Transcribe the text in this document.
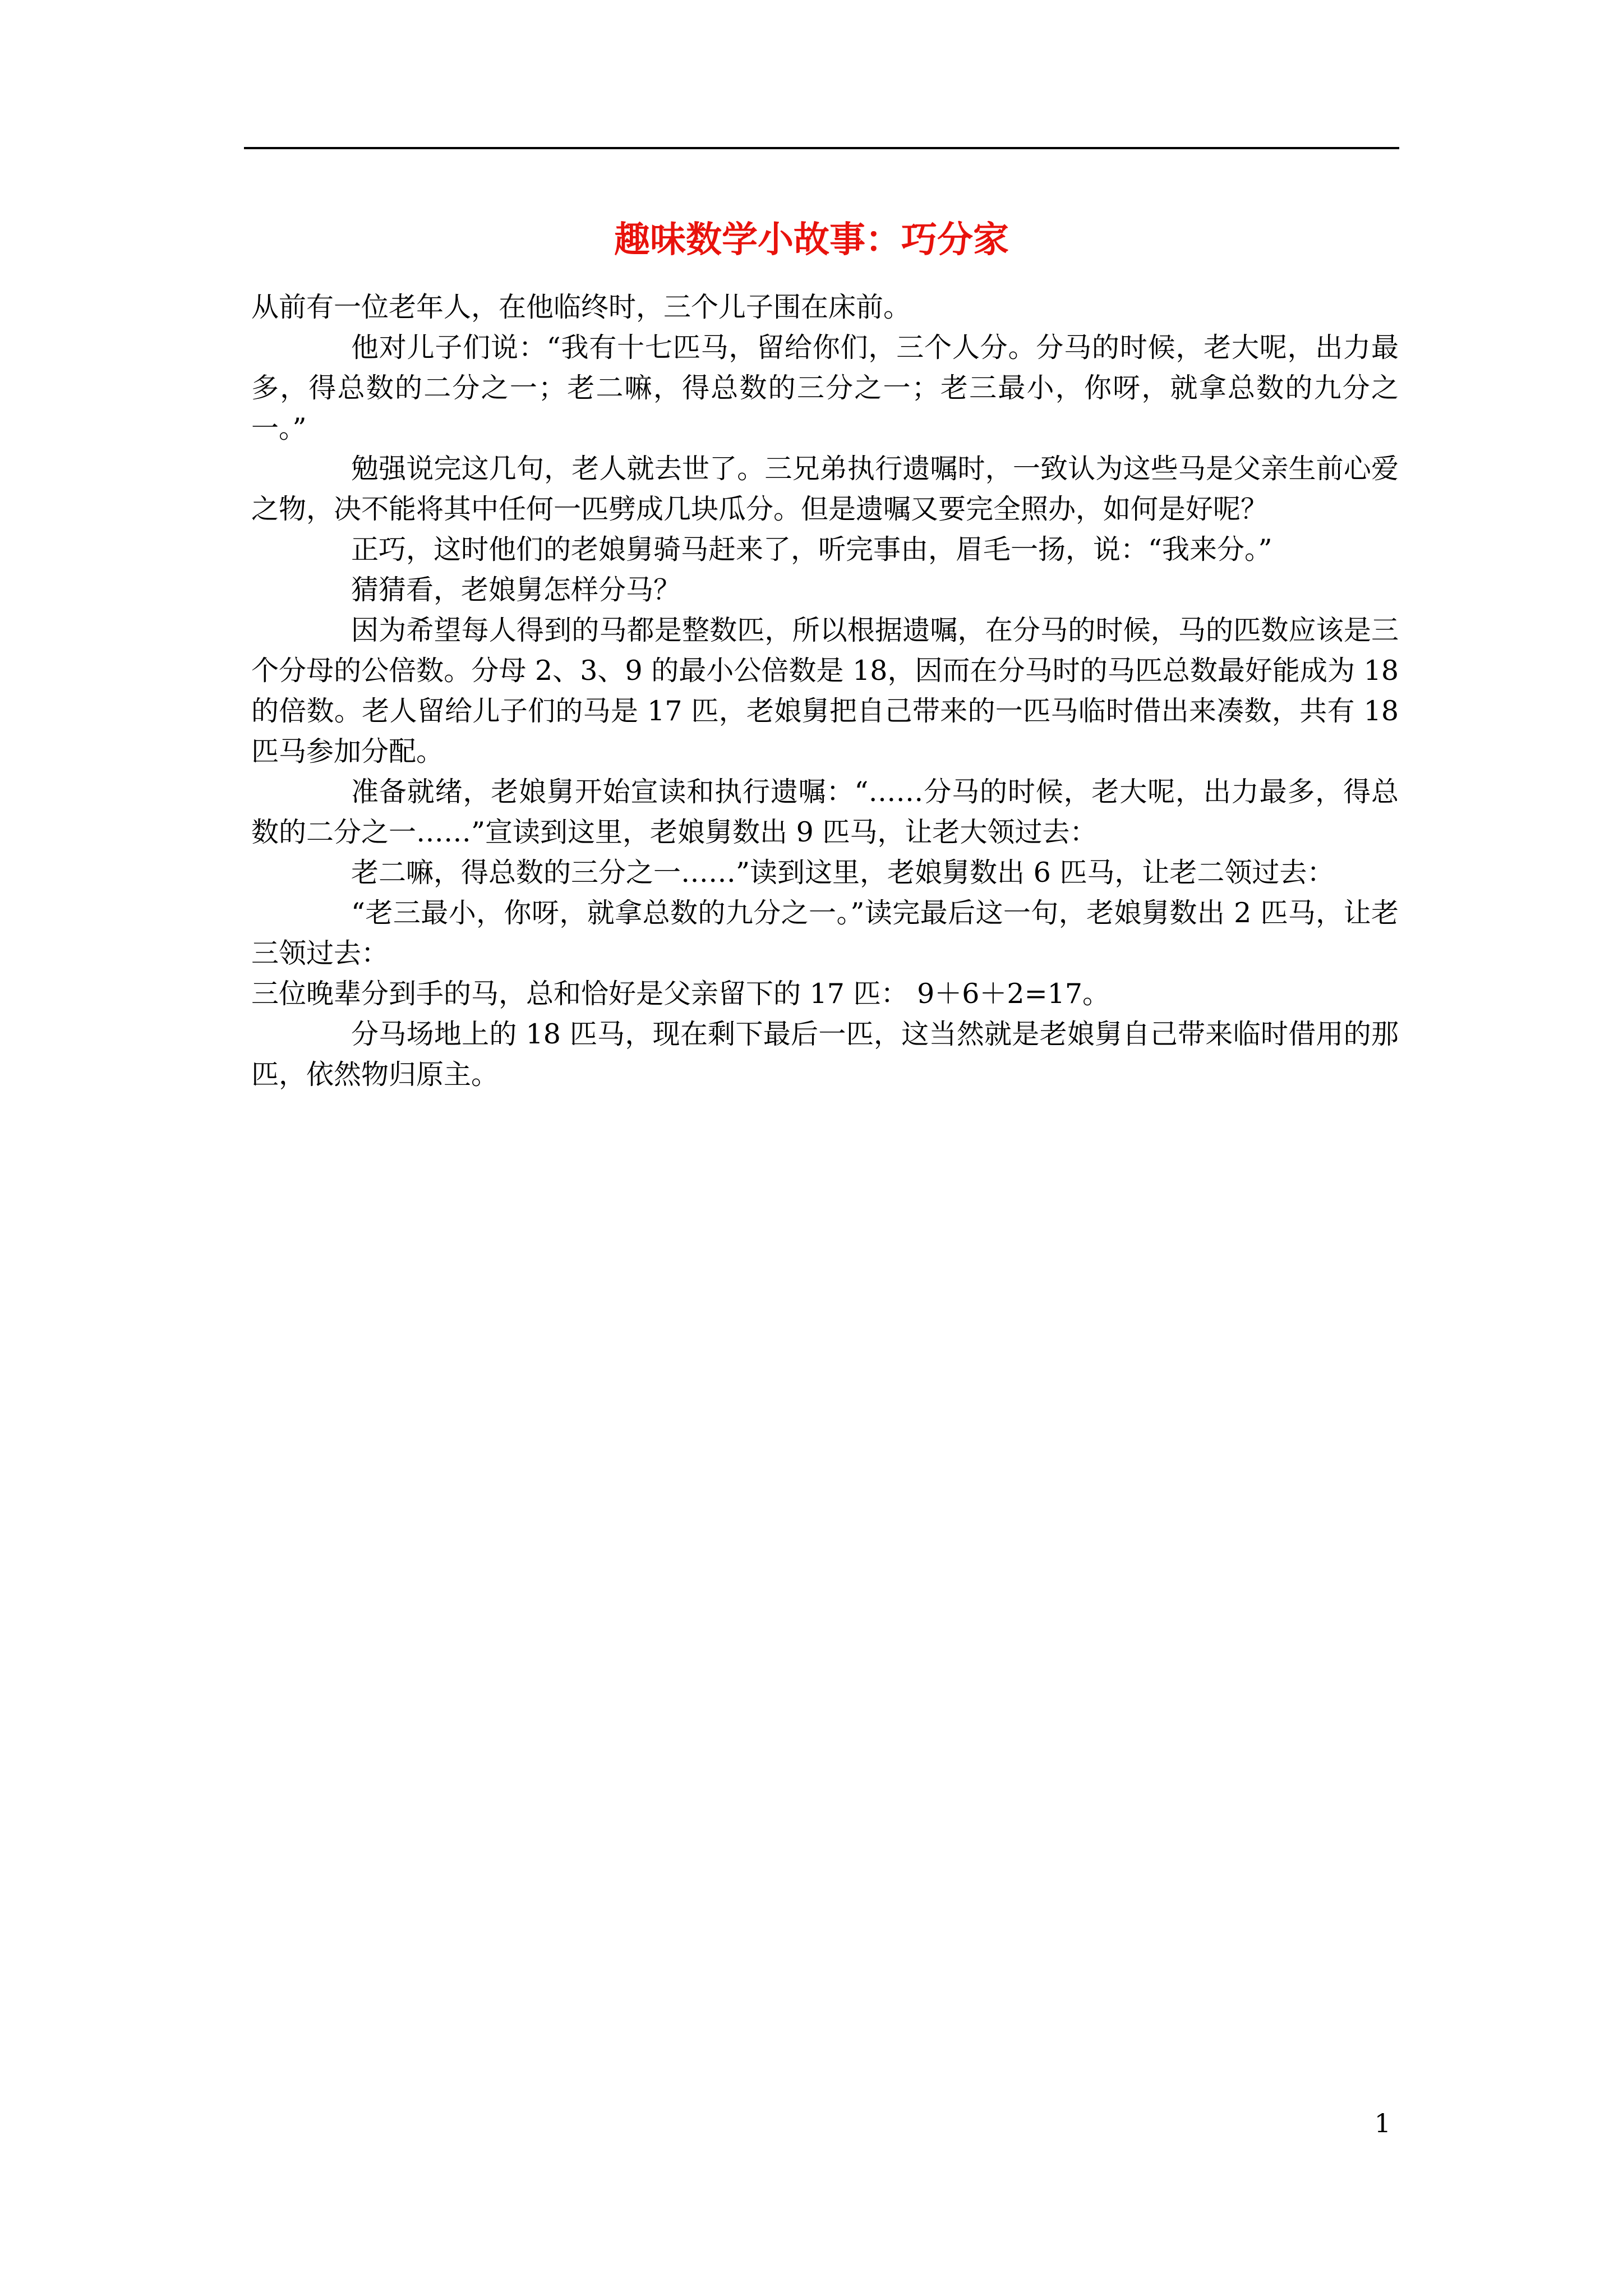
趣味数学小故事：巧分家

从前有一位老年人，在他临终时，三个儿子围在床前。

他对儿子们说：“我有十七匹马，留给你们，三个人分。分马的时候，老大呢，出力最多，得总数的二分之一；老二嘛，得总数的三分之一；老三最小，你呀，就拿总数的九分之一。”

勉强说完这几句，老人就去世了。三兄弟执行遗嘱时，一致认为这些马是父亲生前心爱之物，决不能将其中任何一匹劈成几块瓜分。但是遗嘱又要完全照办，如何是好呢？

正巧，这时他们的老娘舅骑马赶来了，听完事由，眉毛一扬，说：“我来分。”

猜猜看，老娘舅怎样分马？

因为希望每人得到的马都是整数匹，所以根据遗嘱，在分马的时候，马的匹数应该是三个分母的公倍数。分母 2、3、9 的最小公倍数是 18，因而在分马时的马匹总数最好能成为 18 的倍数。老人留给儿子们的马是 17 匹，老娘舅把自己带来的一匹马临时借出来凑数，共有 18 匹马参加分配。

准备就绪，老娘舅开始宣读和执行遗嘱：“……分马的时候，老大呢，出力最多，得总数的二分之一……”宣读到这里，老娘舅数出 9 匹马，让老大领过去：

老二嘛，得总数的三分之一……”读到这里，老娘舅数出 6 匹马，让老二领过去：

“老三最小，你呀，就拿总数的九分之一。”读完最后这一句，老娘舅数出 2 匹马，让老三领过去：

三位晚辈分到手的马，总和恰好是父亲留下的 17 匹： 9＋6＋2=17。

分马场地上的 18 匹马，现在剩下最后一匹，这当然就是老娘舅自己带来临时借用的那匹，依然物归原主。

1
